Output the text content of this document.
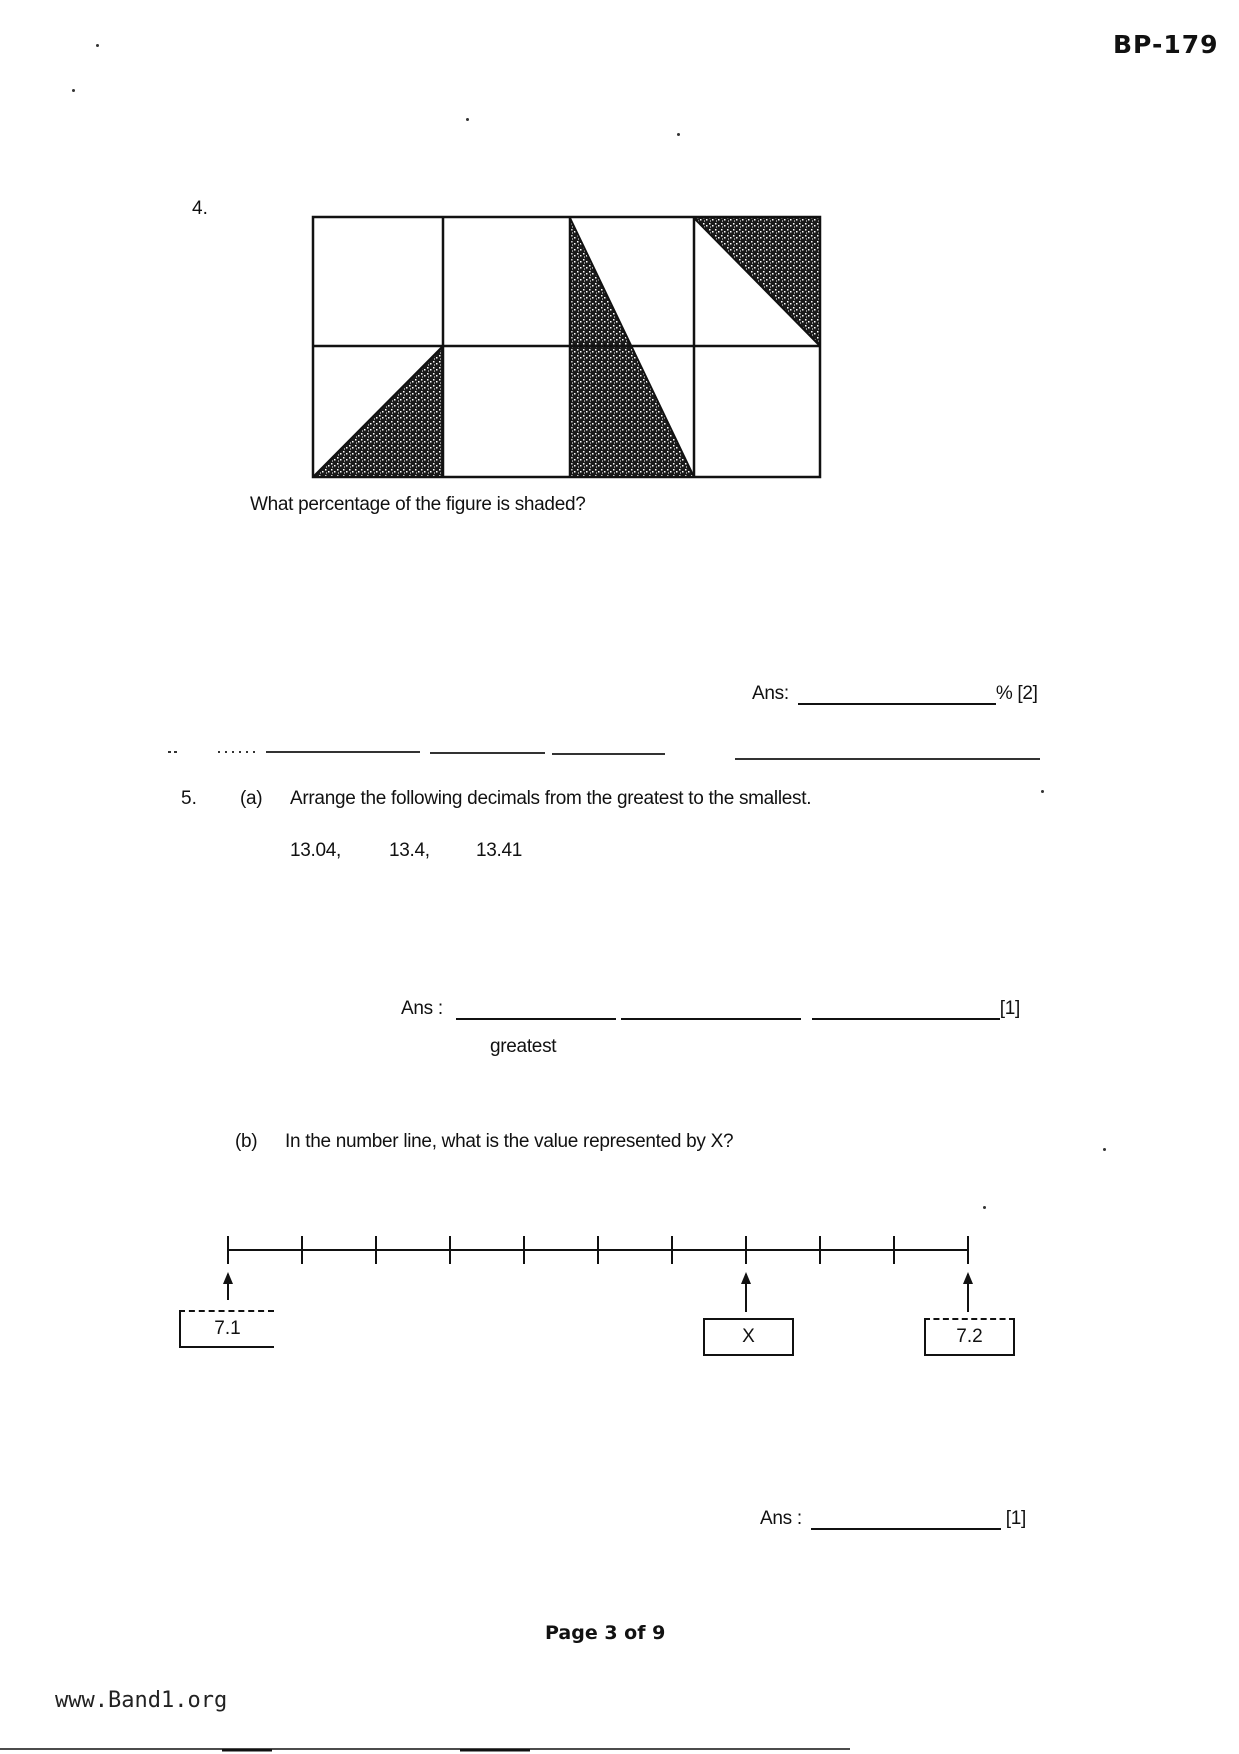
BP-179
4.
What percentage of the figure is shaded?
Ans:	% [2]
5. (a) Arrange the following decimals from the greatest to the smallest.
13.04,	13.4, 13.41
Ans :	[1]
greatest
(b) In the number line, what is the value represented by X?
7.1	X	7.2
Ans :	[1]
Page 3 of 9
www.Band1.org
